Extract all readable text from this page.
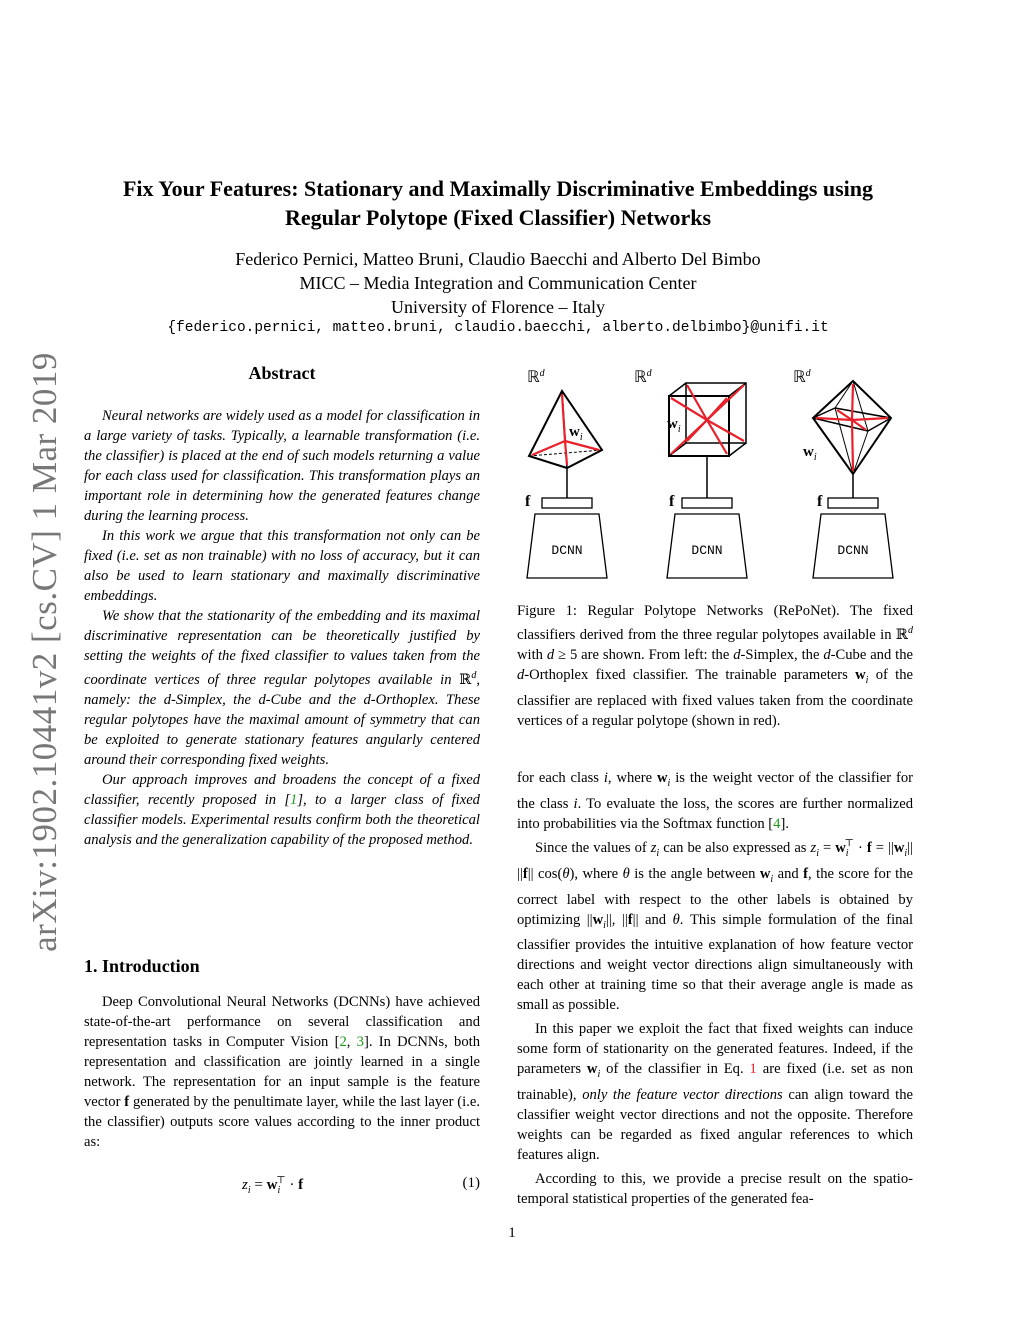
arXiv:1902.10441v2 [cs.CV] 1 Mar 2019
Fix Your Features: Stationary and Maximally Discriminative Embeddings using
Regular Polytope (Fixed Classifier) Networks
Federico Pernici, Matteo Bruni, Claudio Baecchi and Alberto Del Bimbo
MICC – Media Integration and Communication Center
University of Florence – Italy
{federico.pernici, matteo.bruni, claudio.baecchi, alberto.delbimbo}@unifi.it
Abstract

Neural networks are widely used as a model for classification in a large variety of tasks. Typically, a learnable transformation (i.e. the classifier) is placed at the end of such models returning a value for each class used for classification. This transformation plays an important role in determining how the generated features change during the learning process.

In this work we argue that this transformation not only can be fixed (i.e. set as non trainable) with no loss of accuracy, but it can also be used to learn stationary and maximally discriminative embeddings.

We show that the stationarity of the embedding and its maximal discriminative representation can be theoretically justified by setting the weights of the fixed classifier to values taken from the coordinate vertices of three regular polytopes available in ℝ$^d$, namely: the d-Simplex, the d-Cube and the d-Orthoplex. These regular polytopes have the maximal amount of symmetry that can be exploited to generate stationary features angularly centered around their corresponding fixed weights.

Our approach improves and broadens the concept of a fixed classifier, recently proposed in [1], to a larger class of fixed classifier models. Experimental results confirm both the theoretical analysis and the generalization capability of the proposed method.

1. Introduction

Deep Convolutional Neural Networks (DCNNs) have achieved state-of-the-art performance on several classification and representation tasks in Computer Vision [2, 3]. In DCNNs, both representation and classification are jointly learned in a single network. The representation for an input sample is the feature vector f generated by the penultimate layer, while the last layer (i.e. the classifier) outputs score values according to the inner product as:

$z_i = w_i^⊤ \cdot f$	(1)
ℝ$^d$
$w_i$
f
DCNN
ℝ$^d$
$w_i$
f
DCNN
ℝ$^d$
$w_i$
f
DCNN
Figure 1: Regular Polytope Networks (RePoNet). The fixed classifiers derived from the three regular polytopes available in ℝ$^d$ with d ≥ 5 are shown. From left: the d-Simplex, the d-Cube and the d-Orthoplex fixed classifier. The trainable parameters $w_i$ of the classifier are replaced with fixed values taken from the coordinate vertices of a regular polytope (shown in red).

for each class i, where $w_i$ is the weight vector of the classifier for the class i. To evaluate the loss, the scores are further normalized into probabilities via the Softmax function [4].

Since the values of $z_i$ can be also expressed as $z_i = w_i^⊤ \cdot f = ||w_i||$ ||f|| cos(θ), where θ is the angle between $w_i$ and f, the score for the correct label with respect to the other labels is obtained by optimizing $||w_i||$, ||f|| and θ. This simple formulation of the final classifier provides the intuitive explanation of how feature vector directions and weight vector directions align simultaneously with each other at training time so that their average angle is made as small as possible.

In this paper we exploit the fact that fixed weights can induce some form of stationarity on the generated features. Indeed, if the parameters $w_i$ of the classifier in Eq. 1 are fixed (i.e. set as non trainable), only the feature vector directions can align toward the classifier weight vector directions and not the opposite. Therefore weights can be regarded as fixed angular references to which features align.

According to this, we provide a precise result on the spatio-temporal statistical properties of the generated fea-

1
